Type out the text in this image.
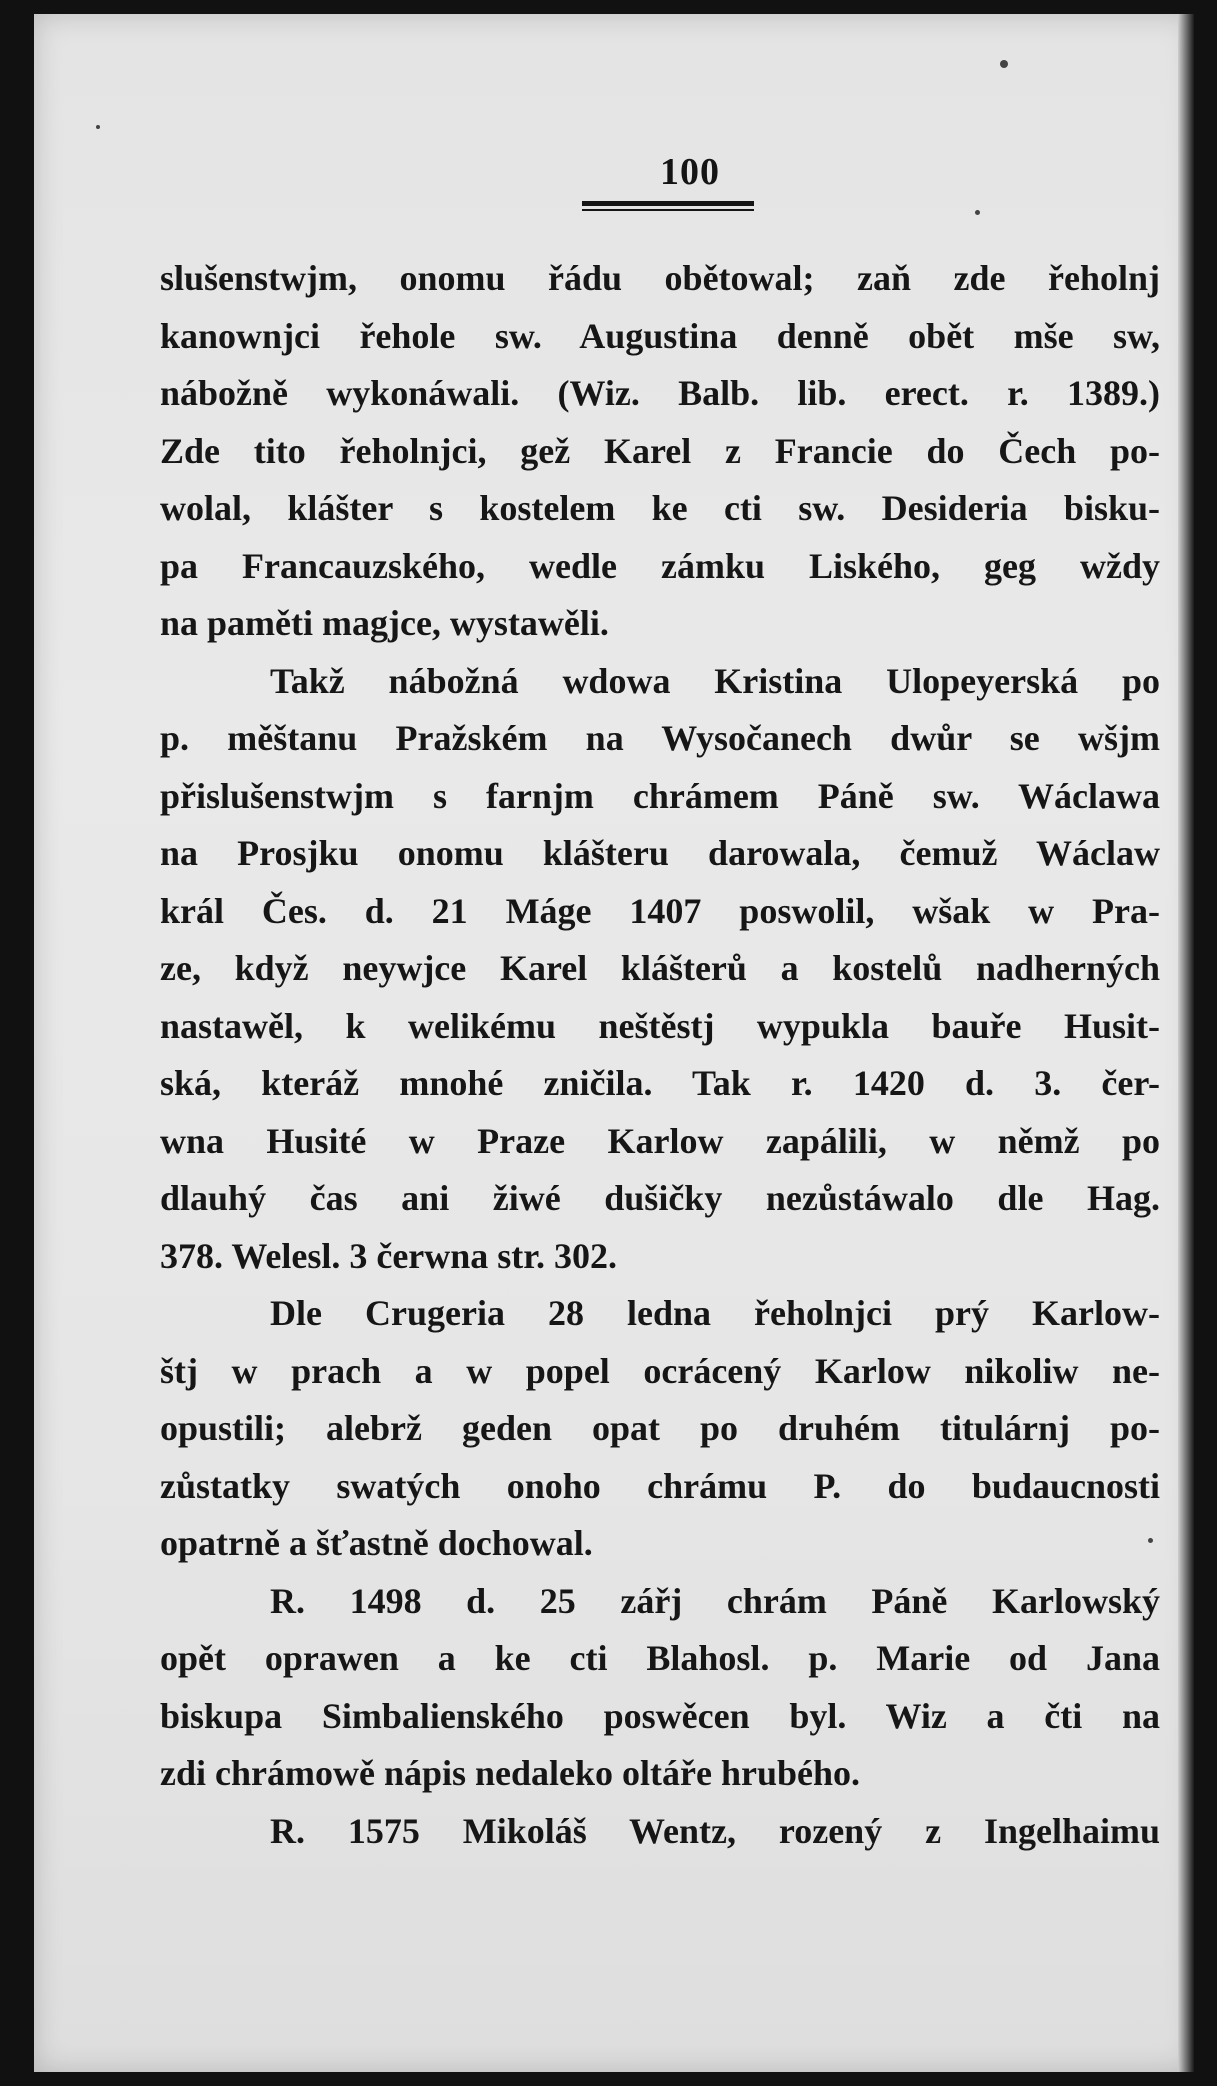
100
slušenstwjm, onomu řádu obětowal; zaň zde řeholnj
kanownjci řehole sw. Augustina denně obět mše sw,
nábožně wykonáwali. (Wiz. Balb. lib. erect. r. 1389.)
Zde tito řeholnjci, gež Karel z Francie do Čech po-
wolal, klášter s kostelem ke cti sw. Desideria bisku-
pa Francauzského, wedle zámku Liského, geg wždy
na paměti magjce, wystawěli.
Takž nábožná wdowa Kristina Ulopeyerská po
p. měštanu Pražském na Wysočanech dwůr se wšjm
přislušenstwjm s farnjm chrámem Páně sw. Wáclawa
na Prosjku onomu klášteru darowala, čemuž Wáclaw
král Čes. d. 21 Máge 1407 poswolil, wšak w Pra-
ze, když neywjce Karel klášterů a kostelů nadherných
nastawěl, k welikému neštěstj wypukla bauře Husit-
ská, kteráž mnohé zničila. Tak r. 1420 d. 3. čer-
wna Husité w Praze Karlow zapálili, w němž po
dlauhý čas ani žiwé dušičky nezůstáwalo dle Hag.
378. Welesl. 3 čerwna str. 302.
Dle Crugeria 28 ledna řeholnjci prý Karlow-
štj w prach a w popel ocrácený Karlow nikoliw ne-
opustili; alebrž geden opat po druhém titulárnj po-
zůstatky swatých onoho chrámu P. do budaucnosti
opatrně a šťastně dochowal.
R. 1498 d. 25 zářj chrám Páně Karlowský
opět oprawen a ke cti Blahosl. p. Marie od Jana
biskupa Simbalienského poswěcen byl. Wiz a čti na
zdi chrámowě nápis nedaleko oltáře hrubého.
R. 1575 Mikoláš Wentz, rozený z Ingelhaimu
